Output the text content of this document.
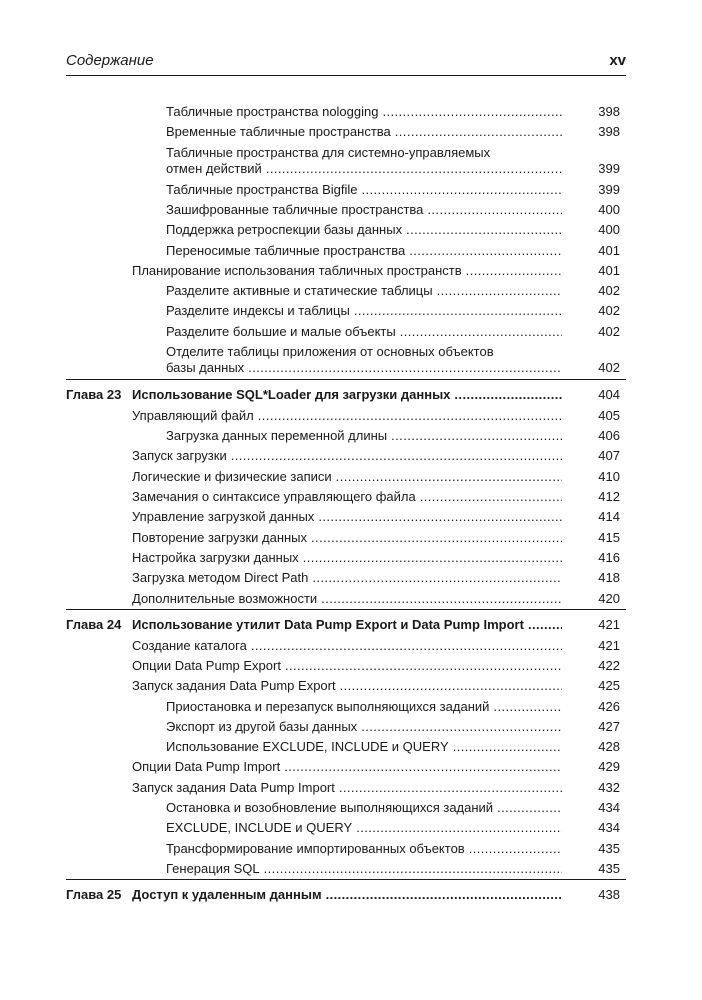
Содержание	xv
Табличные пространства nologging .....	398
Временные табличные пространства .....	398
Табличные пространства для системно-управляемых
отмен действий .....	399
Табличные пространства Bigfile .....	399
Зашифрованные табличные пространства .....	400
Поддержка ретроспекции базы данных .....	400
Переносимые табличные пространства .....	401
Планирование использования табличных пространств .....	401
Разделите активные и статические таблицы .....	402
Разделите индексы и таблицы .....	402
Разделите большие и малые объекты .....	402
Отделите таблицы приложения от основных объектов
базы данных .....	402
Глава 23 Использование SQL*Loader для загрузки данных .....	404
Управляющий файл .....	405
Загрузка данных переменной длины .....	406
Запуск загрузки .....	407
Логические и физические записи .....	410
Замечания о синтаксисе управляющего файла .....	412
Управление загрузкой данных .....	414
Повторение загрузки данных .....	415
Настройка загрузки данных .....	416
Загрузка методом Direct Path .....	418
Дополнительные возможности .....	420
Глава 24 Использование утилит Data Pump Export и Data Pump Import .....	421
Создание каталога .....	421
Опции Data Pump Export .....	422
Запуск задания Data Pump Export .....	425
Приостановка и перезапуск выполняющихся заданий .....	426
Экспорт из другой базы данных .....	427
Использование EXCLUDE, INCLUDE и QUERY .....	428
Опции Data Pump Import .....	429
Запуск задания Data Pump Import .....	432
Остановка и возобновление выполняющихся заданий .....	434
EXCLUDE, INCLUDE и QUERY .....	434
Трансформирование импортированных объектов .....	435
Генерация SQL .....	435
Глава 25 Доступ к удаленным данным .....	438
